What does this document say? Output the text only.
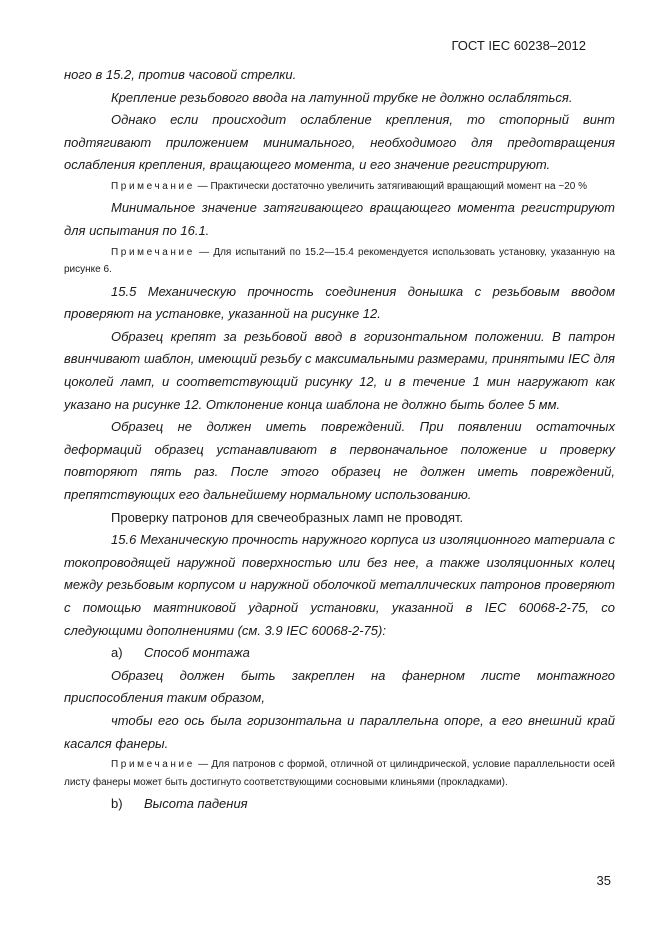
ГОСТ IEC 60238–2012

ного в 15.2, против часовой стрелки.

Крепление резьбового ввода на латунной трубке не должно ослабляться.

Однако если происходит ослабление крепления, то стопорный винт подтягивают приложением минимального, необходимого для предотвращения ослабления крепления, вращающего момента, и его значение регистрируют.

Примечание — Практически достаточно увеличить затягивающий вращающий момент на ~20 %

Минимальное значение затягивающего вращающего момента регистрируют для испытания по 16.1.

Примечание — Для испытаний по 15.2—15.4 рекомендуется использовать установку, указанную на рисунке 6.

15.5 Механическую прочность соединения донышка с резьбовым вводом проверяют на установке, указанной на рисунке 12.

Образец крепят за резьбовой ввод в горизонтальном положении. В патрон ввинчивают шаблон, имеющий резьбу с максимальными размерами, принятыми IEC для цоколей ламп, и соответствующий рисунку 12, и в течение 1 мин нагружают как указано на рисунке 12. Отклонение конца шаблона не должно быть более 5 мм.

Образец не должен иметь повреждений. При появлении остаточных деформаций образец устанавливают в первоначальное положение и проверку повторяют пять раз. После этого образец не должен иметь повреждений, препятствующих его дальнейшему нормальному использованию.

Проверку патронов для свечеобразных ламп не проводят.

15.6 Механическую прочность наружного корпуса из изоляционного материала с токопроводящей наружной поверхностью или без нее, а также изоляционных колец между резьбовым корпусом и наружной оболочкой металлических патронов проверяют с помощью маятниковой ударной установки, указанной в IEC 60068-2-75, со следующими дополнениями (см. 3.9 IEC 60068-2-75):

a) Способ монтажа

Образец должен быть закреплен на фанерном листе монтажного приспособления таким образом,

чтобы его ось была горизонтальна и параллельна опоре, а его внешний край касался фанеры.

Примечание — Для патронов с формой, отличной от цилиндрической, условие параллельности осей листу фанеры может быть достигнуто соответствующими сосновыми клиньями (прокладками).

b) Высота падения

35
